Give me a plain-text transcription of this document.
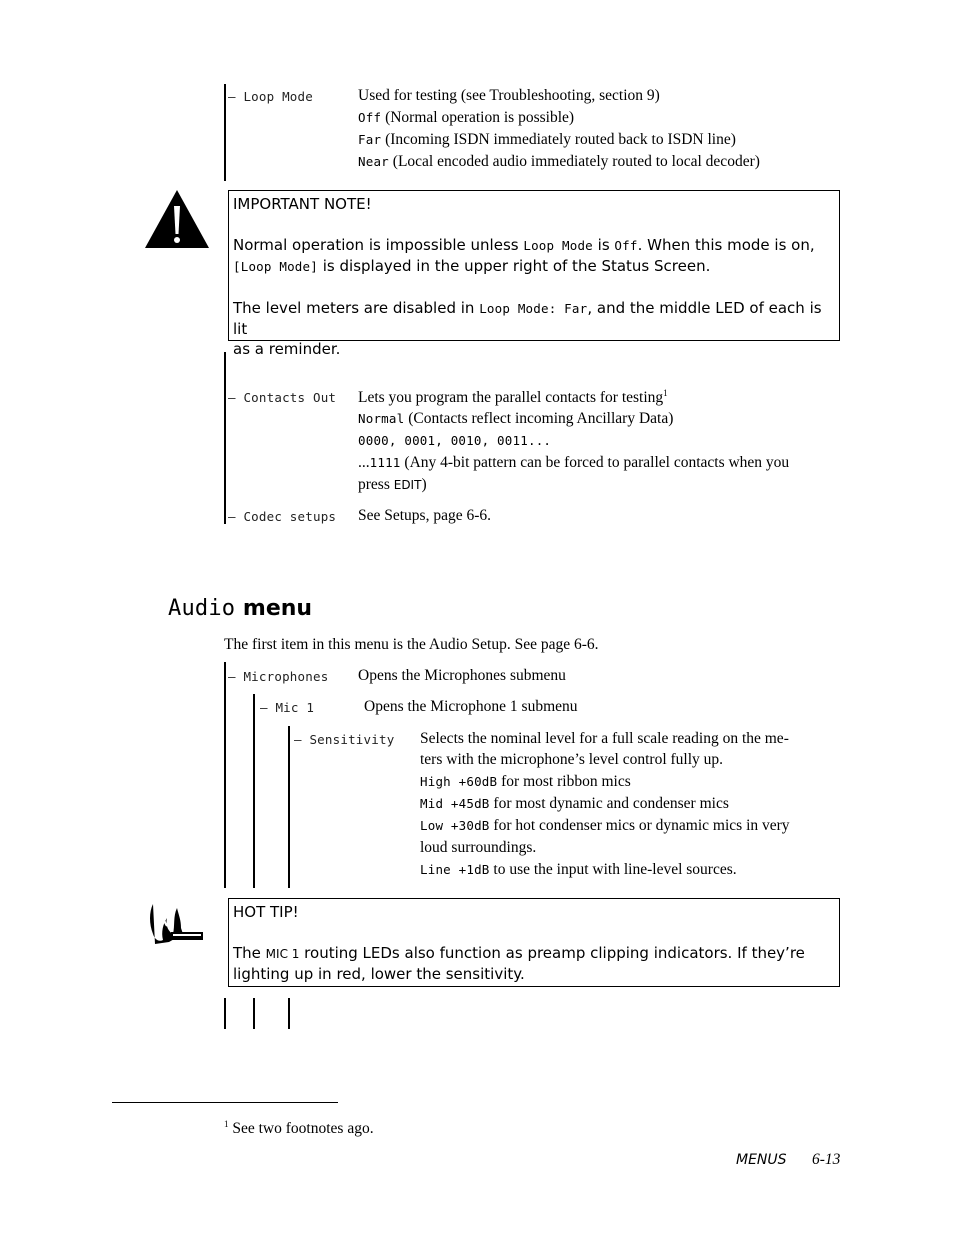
— Loop Mode	Used for testing (see Troubleshooting, section 9)
Off (Normal operation is possible)
Far (Incoming ISDN immediately routed back to ISDN line)
Near (Local encoded audio immediately routed to local decoder)

IMPORTANT NOTE!

Normal operation is impossible unless Loop Mode is Off. When this mode is on,

[Loop Mode] is displayed in the upper right of the Status Screen.

The level meters are disabled in Loop Mode: Far, and the middle LED of each is lit

as a reminder.

— Contacts Out Lets you program the parallel contacts for testing$^1$
Normal (Contacts reflect incoming Ancillary Data)
0000, 0001, 0010, 0011...
...1111 (Any 4-bit pattern can be forced to parallel contacts when you
press EDIT)
— Codec setups See Setups, page 6-6.
Audio menu
The first item in this menu is the Audio Setup. See page 6-6.
— Microphones Opens the Microphones submenu
— Mic 1	Opens the Microphone 1 submenu
— Sensitivity Selects the nominal level for a full scale reading on the me-
ters with the microphone’s level control fully up.
High +60dB for most ribbon mics
Mid +45dB for most dynamic and condenser mics
Low +30dB for hot condenser mics or dynamic mics in very
loud surroundings.
Line +1dB to use the input with line-level sources.

HOT TIP!

The MIC 1 routing LEDs also function as preamp clipping indicators. If they’re

lighting up in red, lower the sensitivity.

$^1$ See two footnotes ago.
MENUS 6-13
